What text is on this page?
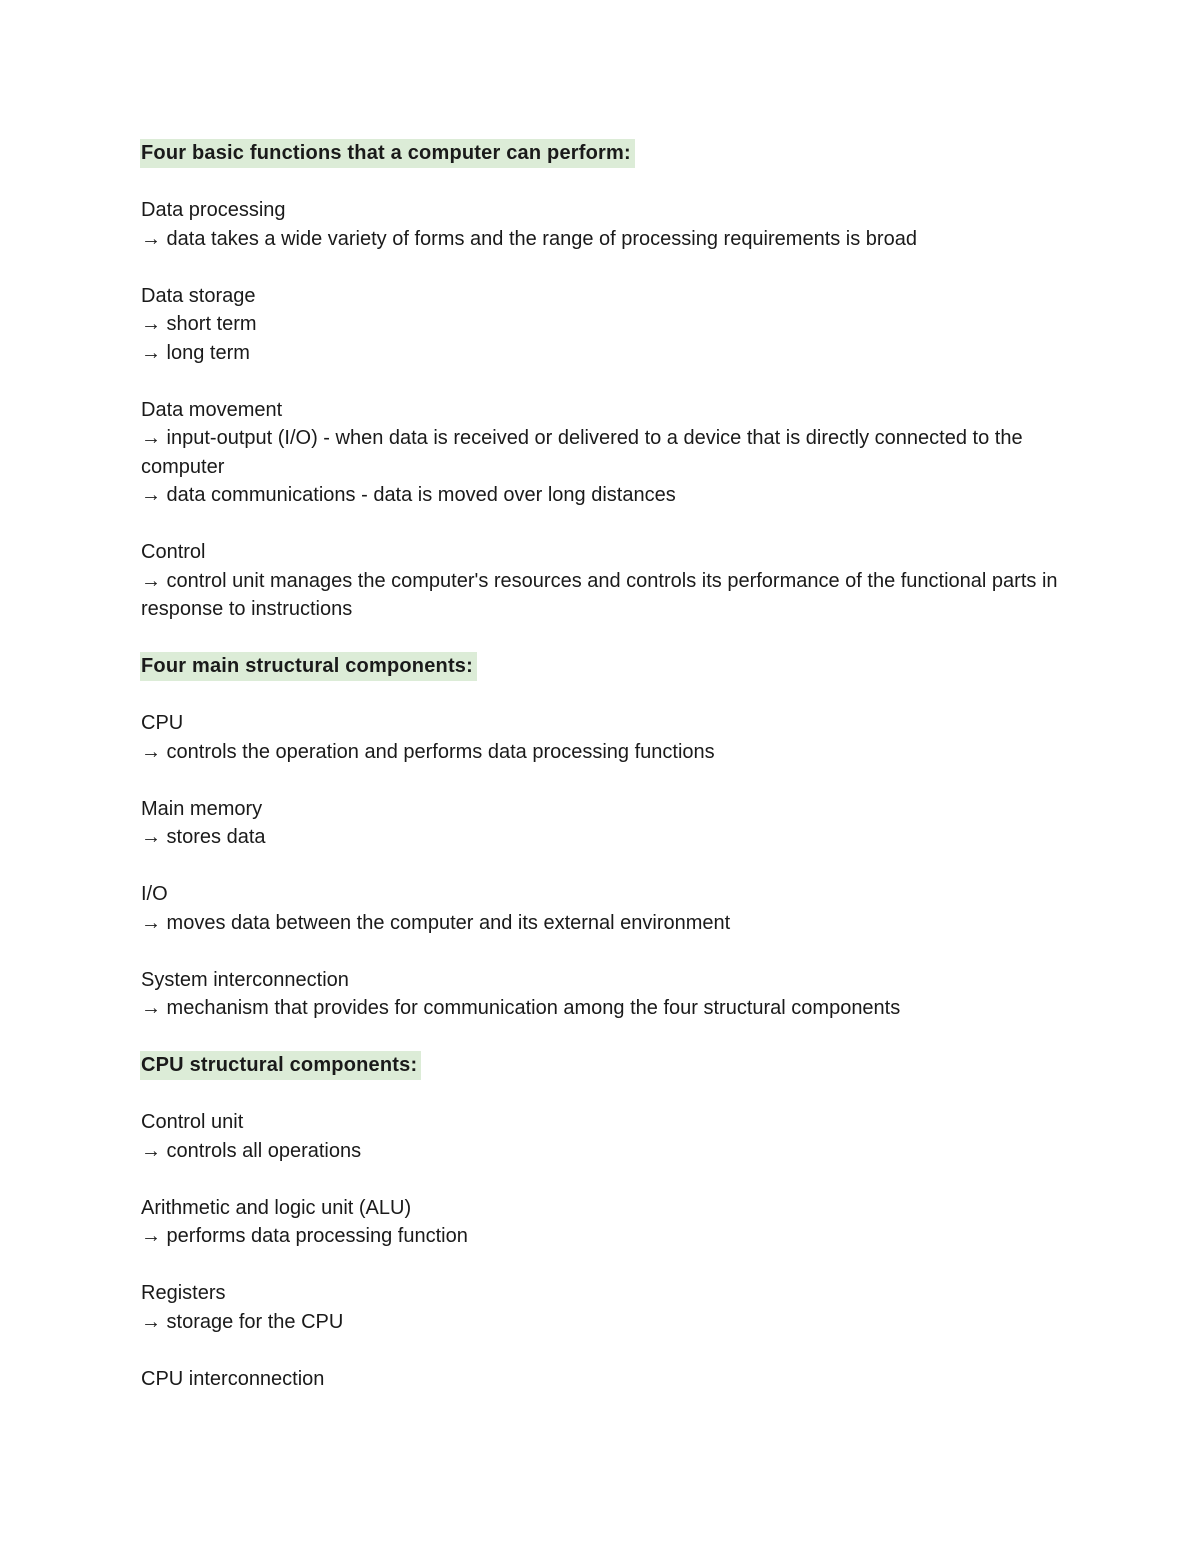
Four basic functions that a computer can perform:
Data processing
→ data takes a wide variety of forms and the range of processing requirements is broad
Data storage
→ short term
→ long term
Data movement
→ input-output (I/O) - when data is received or delivered to a device that is directly connected to the computer
→ data communications - data is moved over long distances
Control
→ control unit manages the computer's resources and controls its performance of the functional parts in response to instructions
Four main structural components:
CPU
→ controls the operation and performs data processing functions
Main memory
→ stores data
I/O
→ moves data between the computer and its external environment
System interconnection
→ mechanism that provides for communication among the four structural components
CPU structural components:
Control unit
→ controls all operations
Arithmetic and logic unit (ALU)
→ performs data processing function
Registers
→ storage for the CPU
CPU interconnection
